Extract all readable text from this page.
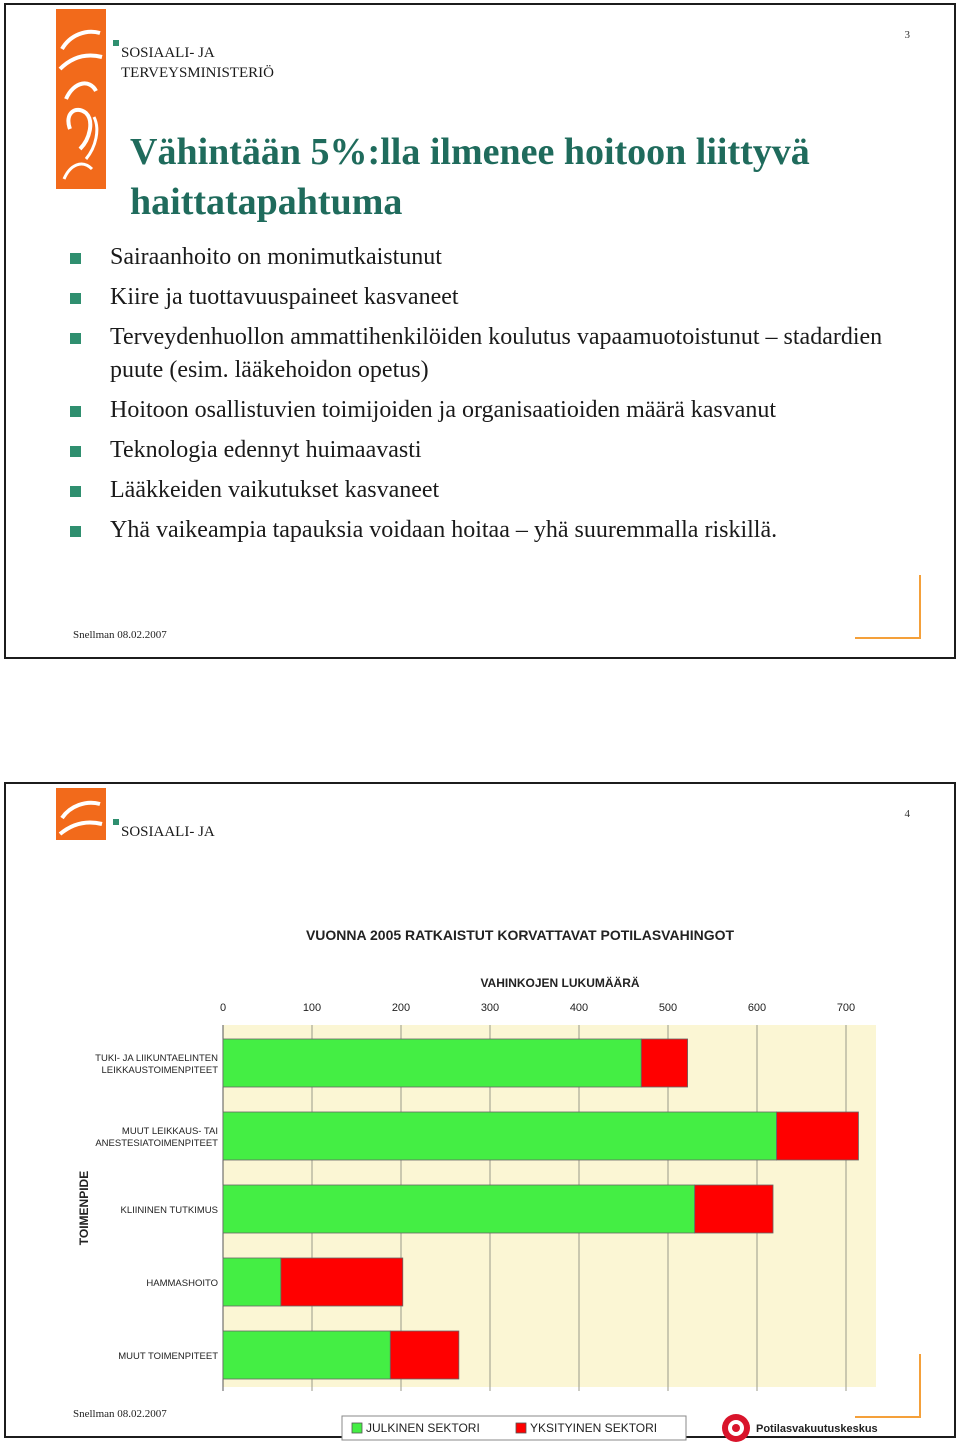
SOSIAALI- JA
TERVEYSMINISTERIÖ
3
Vähintään 5%:lla ilmenee hoitoon liittyvä haittatapahtuma
Sairaanhoito on monimutkaistunut
Kiire ja tuottavuuspaineet kasvaneet
Terveydenhuollon ammattihenkilöiden koulutus vapaamuotoistunut – stadardien puute (esim. lääkehoidon opetus)
Hoitoon osallistuvien toimijoiden ja organisaatioiden määrä kasvanut
Teknologia edennyt huimaavasti
Lääkkeiden vaikutukset kasvaneet
Yhä vaikeampia tapauksia voidaan hoitaa – yhä suuremmalla riskillä.
Snellman 08.02.2007
SOSIAALI- JA
4
VUONNA 2005 RATKAISTUT KORVATTAVAT POTILASVAHINGOT
VAHINKOJEN LUKUMÄÄRÄ
0	100	200	300	400	500	600	700
TOIMENPIDE
TUKI- JA LIIKUNTAELINTEN
LEIKKAUSTOIMENPITEET
MUUT LEIKKAUS- TAI
ANESTESIATOIMENPITEET
KLIININEN TUTKIMUS
HAMMASHOITO
MUUT TOIMENPITEET
JULKINEN SEKTORI	YKSITYINEN SEKTORI	Potilasvakuutuskeskus
Snellman 08.02.2007
